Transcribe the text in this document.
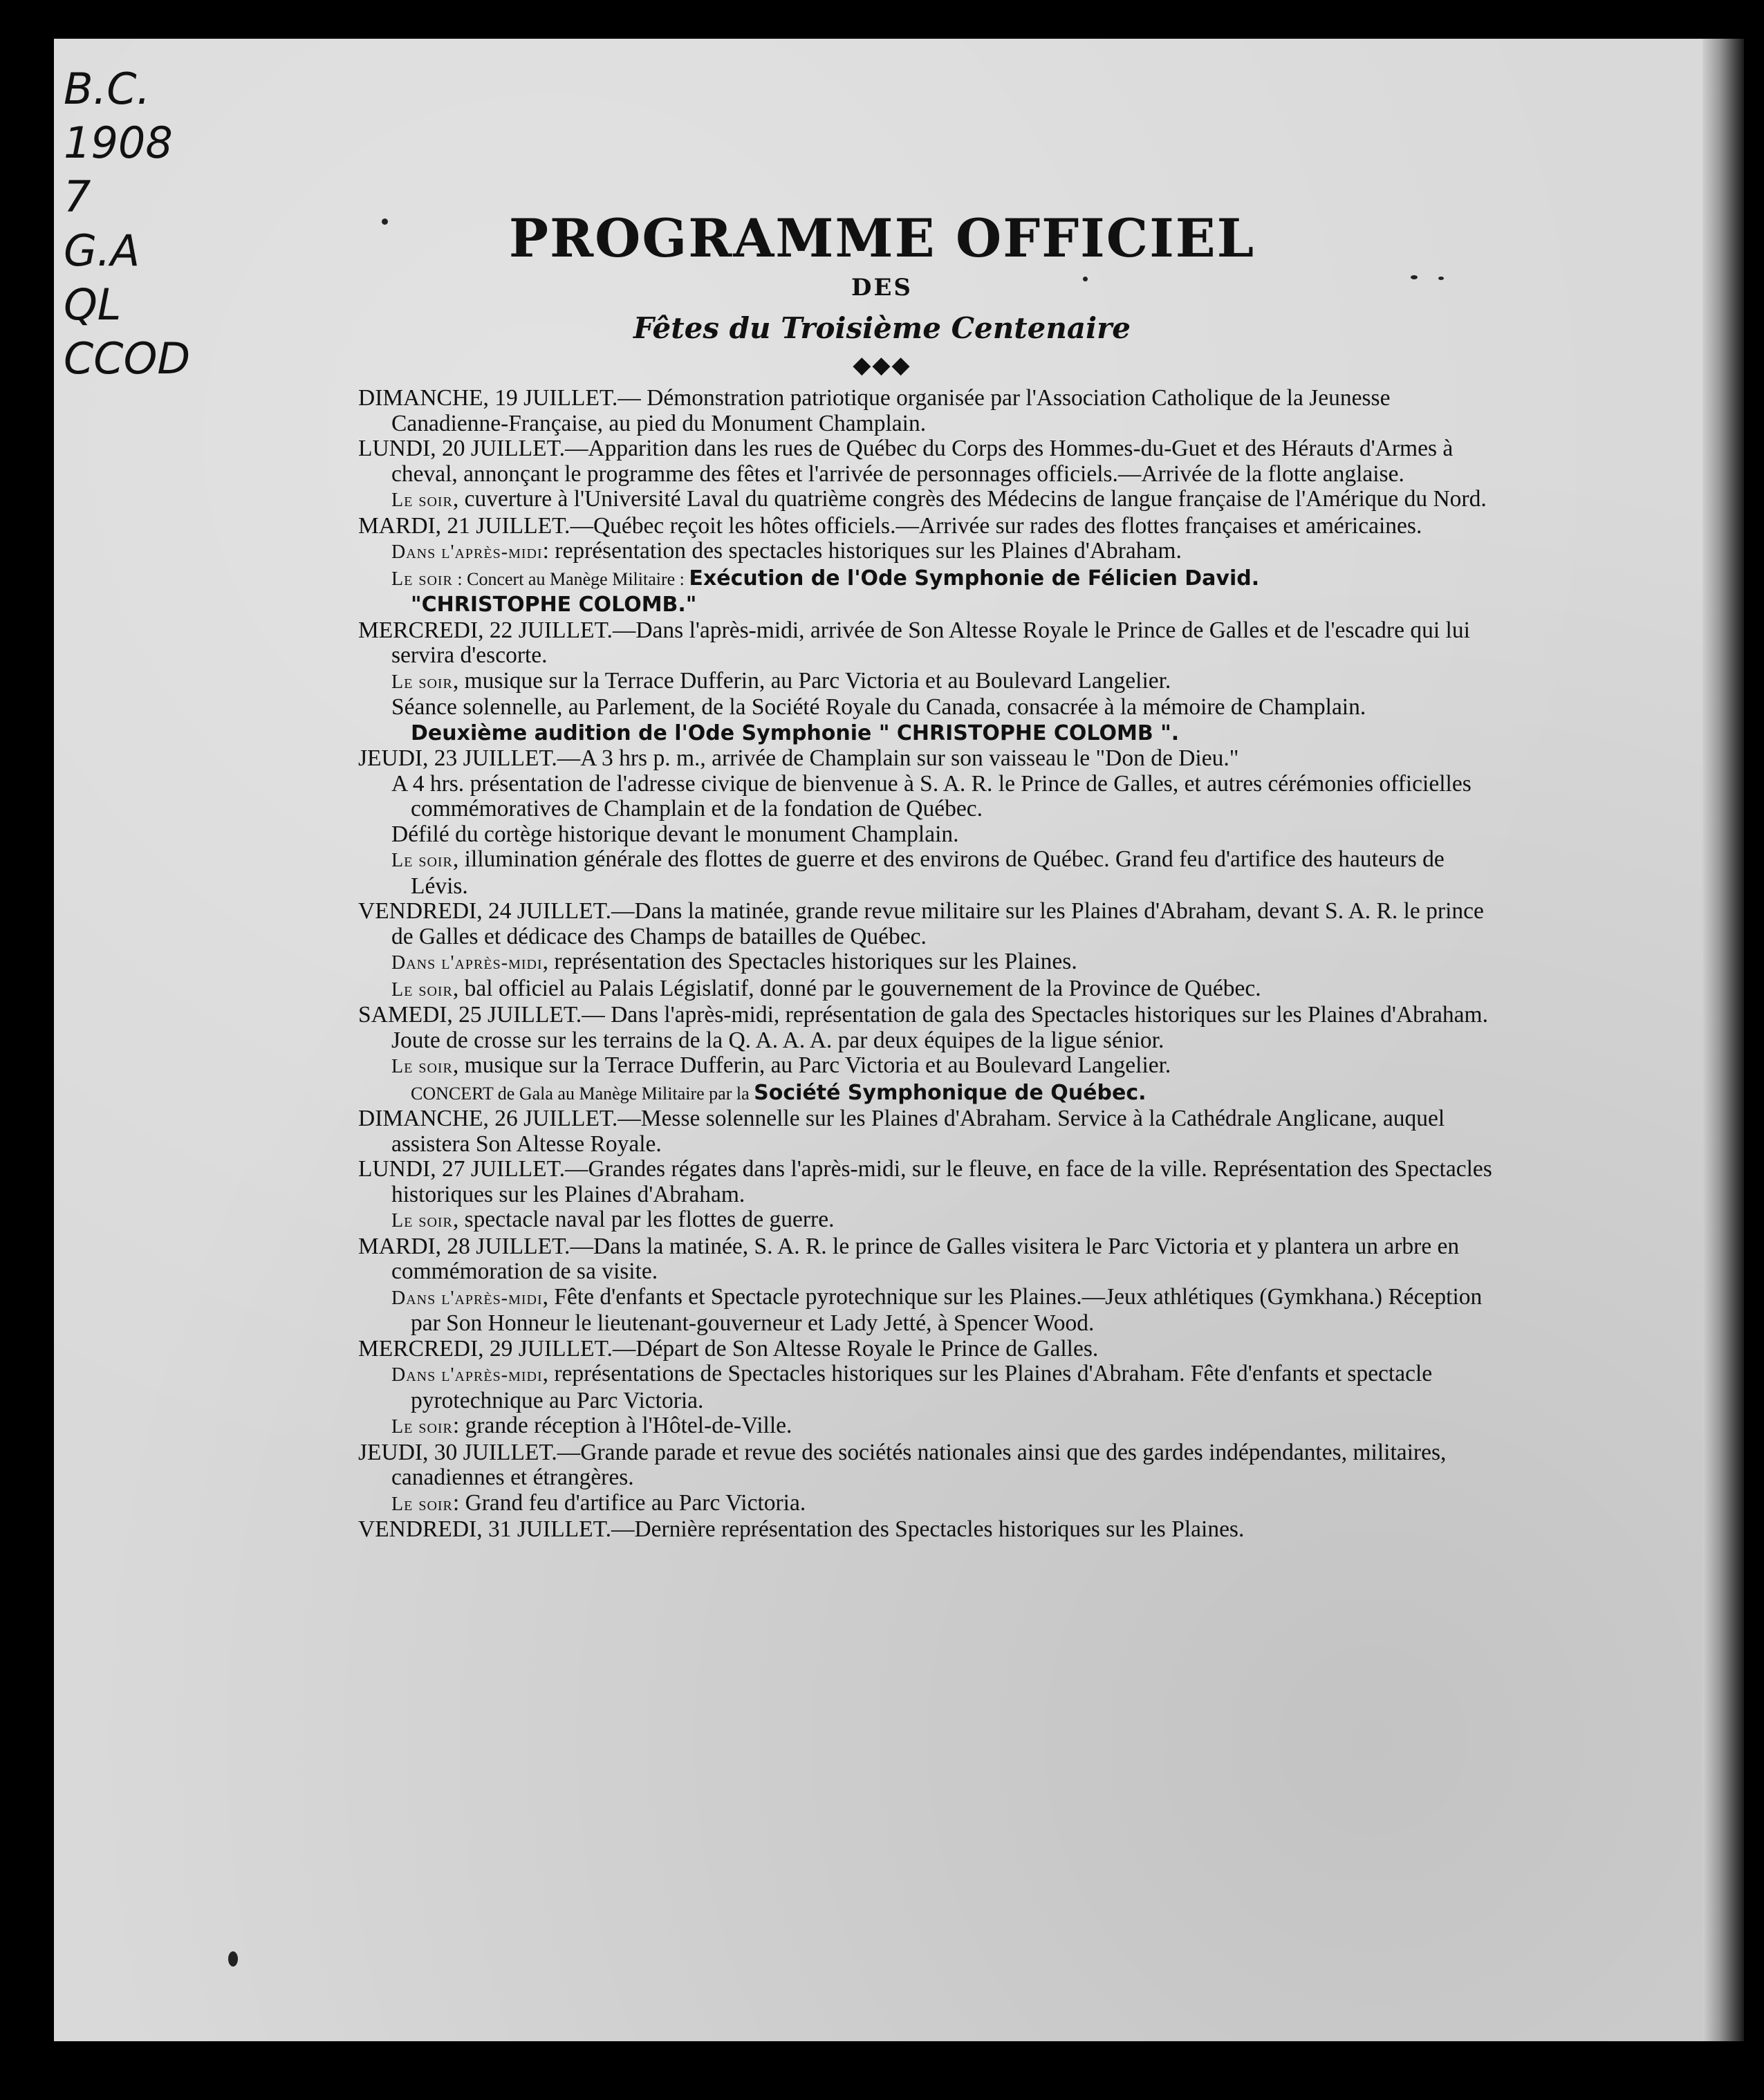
B.C.
1908
7
G.A
QL
CCOD
PROGRAMME OFFICIEL
DES
Fêtes du Troisième Centenaire
◆◆◆

DIMANCHE, 19 JUILLET.— Démonstration patriotique organisée par l'Association Catholique de la Jeunesse Canadienne-Française, au pied du Monument Champlain.

LUNDI, 20 JUILLET.—Apparition dans les rues de Québec du Corps des Hommes-du-Guet et des Hérauts d'Armes à cheval, annonçant le programme des fêtes et l'arrivée de personnages officiels.—Arrivée de la flotte anglaise.

Le soir, cuverture à l'Université Laval du quatrième congrès des Médecins de langue française de l'Amérique du Nord.

MARDI, 21 JUILLET.—Québec reçoit les hôtes officiels.—Arrivée sur rades des flottes françaises et américaines.

Dans l'après-midi: représentation des spectacles historiques sur les Plaines d'Abraham.

Le soir : Concert au Manège Militaire : Exécution de l'Ode Symphonie de Félicien David.
"CHRISTOPHE COLOMB."

MERCREDI, 22 JUILLET.—Dans l'après-midi, arrivée de Son Altesse Royale le Prince de Galles et de l'escadre qui lui servira d'escorte.

Le soir, musique sur la Terrace Dufferin, au Parc Victoria et au Boulevard Langelier.

Séance solennelle, au Parlement, de la Société Royale du Canada, consacrée à la mémoire de Champlain.

Deuxième audition de l'Ode Symphonie " CHRISTOPHE COLOMB ".

JEUDI, 23 JUILLET.—A 3 hrs p. m., arrivée de Champlain sur son vaisseau le "Don de Dieu."

A 4 hrs. présentation de l'adresse civique de bienvenue à S. A. R. le Prince de Galles, et autres cérémonies officielles commémoratives de Champlain et de la fondation de Québec.

Défilé du cortège historique devant le monument Champlain.

Le soir, illumination générale des flottes de guerre et des environs de Québec. Grand feu d'artifice des hauteurs de Lévis.

VENDREDI, 24 JUILLET.—Dans la matinée, grande revue militaire sur les Plaines d'Abraham, devant S. A. R. le prince de Galles et dédicace des Champs de batailles de Québec.

Dans l'après-midi, représentation des Spectacles historiques sur les Plaines.

Le soir, bal officiel au Palais Législatif, donné par le gouvernement de la Province de Québec.

SAMEDI, 25 JUILLET.— Dans l'après-midi, représentation de gala des Spectacles historiques sur les Plaines d'Abraham. Joute de crosse sur les terrains de la Q. A. A. A. par deux équipes de la ligue sénior.

Le soir, musique sur la Terrace Dufferin, au Parc Victoria et au Boulevard Langelier.

CONCERT de Gala au Manège Militaire par la Société Symphonique de Québec.

DIMANCHE, 26 JUILLET.—Messe solennelle sur les Plaines d'Abraham. Service à la Cathédrale Anglicane, auquel assistera Son Altesse Royale.

LUNDI, 27 JUILLET.—Grandes régates dans l'après-midi, sur le fleuve, en face de la ville. Représentation des Spectacles historiques sur les Plaines d'Abraham.

Le soir, spectacle naval par les flottes de guerre.

MARDI, 28 JUILLET.—Dans la matinée, S. A. R. le prince de Galles visitera le Parc Victoria et y plantera un arbre en commémoration de sa visite.

Dans l'après-midi, Fête d'enfants et Spectacle pyrotechnique sur les Plaines.—Jeux athlétiques (Gymkhana.) Réception par Son Honneur le lieutenant-gouverneur et Lady Jetté, à Spencer Wood.

MERCREDI, 29 JUILLET.—Départ de Son Altesse Royale le Prince de Galles.

Dans l'après-midi, représentations de Spectacles historiques sur les Plaines d'Abraham. Fête d'enfants et spectacle pyrotechnique au Parc Victoria.

Le soir: grande réception à l'Hôtel-de-Ville.

JEUDI, 30 JUILLET.—Grande parade et revue des sociétés nationales ainsi que des gardes indépendantes, militaires, canadiennes et étrangères.

Le soir: Grand feu d'artifice au Parc Victoria.

VENDREDI, 31 JUILLET.—Dernière représentation des Spectacles historiques sur les Plaines.
